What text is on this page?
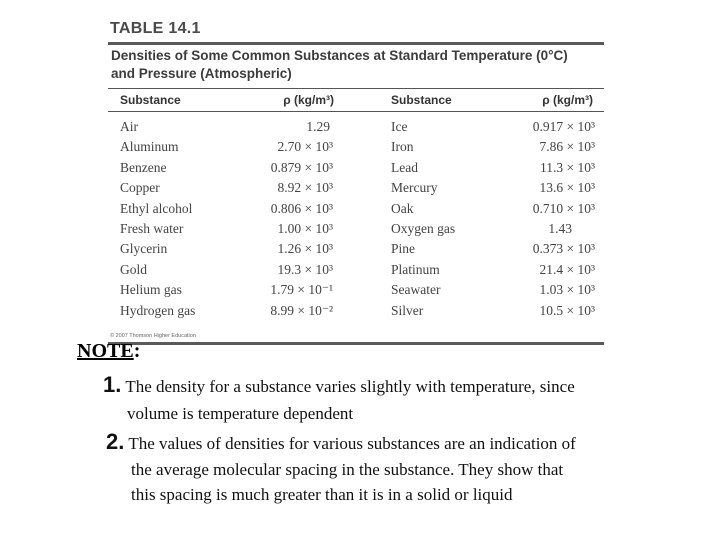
TABLE 14.1
Densities of Some Common Substances at Standard Temperature (0°C)
and Pressure (Atmospheric)
Substance	ρ (kg/m³)	Substance	ρ (kg/m³)
Air	1.29	Ice	0.917 × 10³
Aluminum	2.70 × 10³	Iron	7.86 × 10³
Benzene	0.879 × 10³	Lead	11.3 × 10³
Copper	8.92 × 10³	Mercury	13.6 × 10³
Ethyl alcohol	0.806 × 10³	Oak	0.710 × 10³
Fresh water	1.00 × 10³	Oxygen gas	1.43
Glycerin	1.26 × 10³	Pine	0.373 × 10³
Gold	19.3 × 10³	Platinum	21.4 × 10³
Helium gas	1.79 × 10⁻¹	Seawater	1.03 × 10³
Hydrogen gas	8.99 × 10⁻²	Silver	10.5 × 10³
© 2007 Thomson Higher Education
NOTE:
1. The density for a substance varies slightly with temperature, since
volume is temperature dependent
2. The values of densities for various substances are an indication of
the average molecular spacing in the substance. They show that
this spacing is much greater than it is in a solid or liquid
